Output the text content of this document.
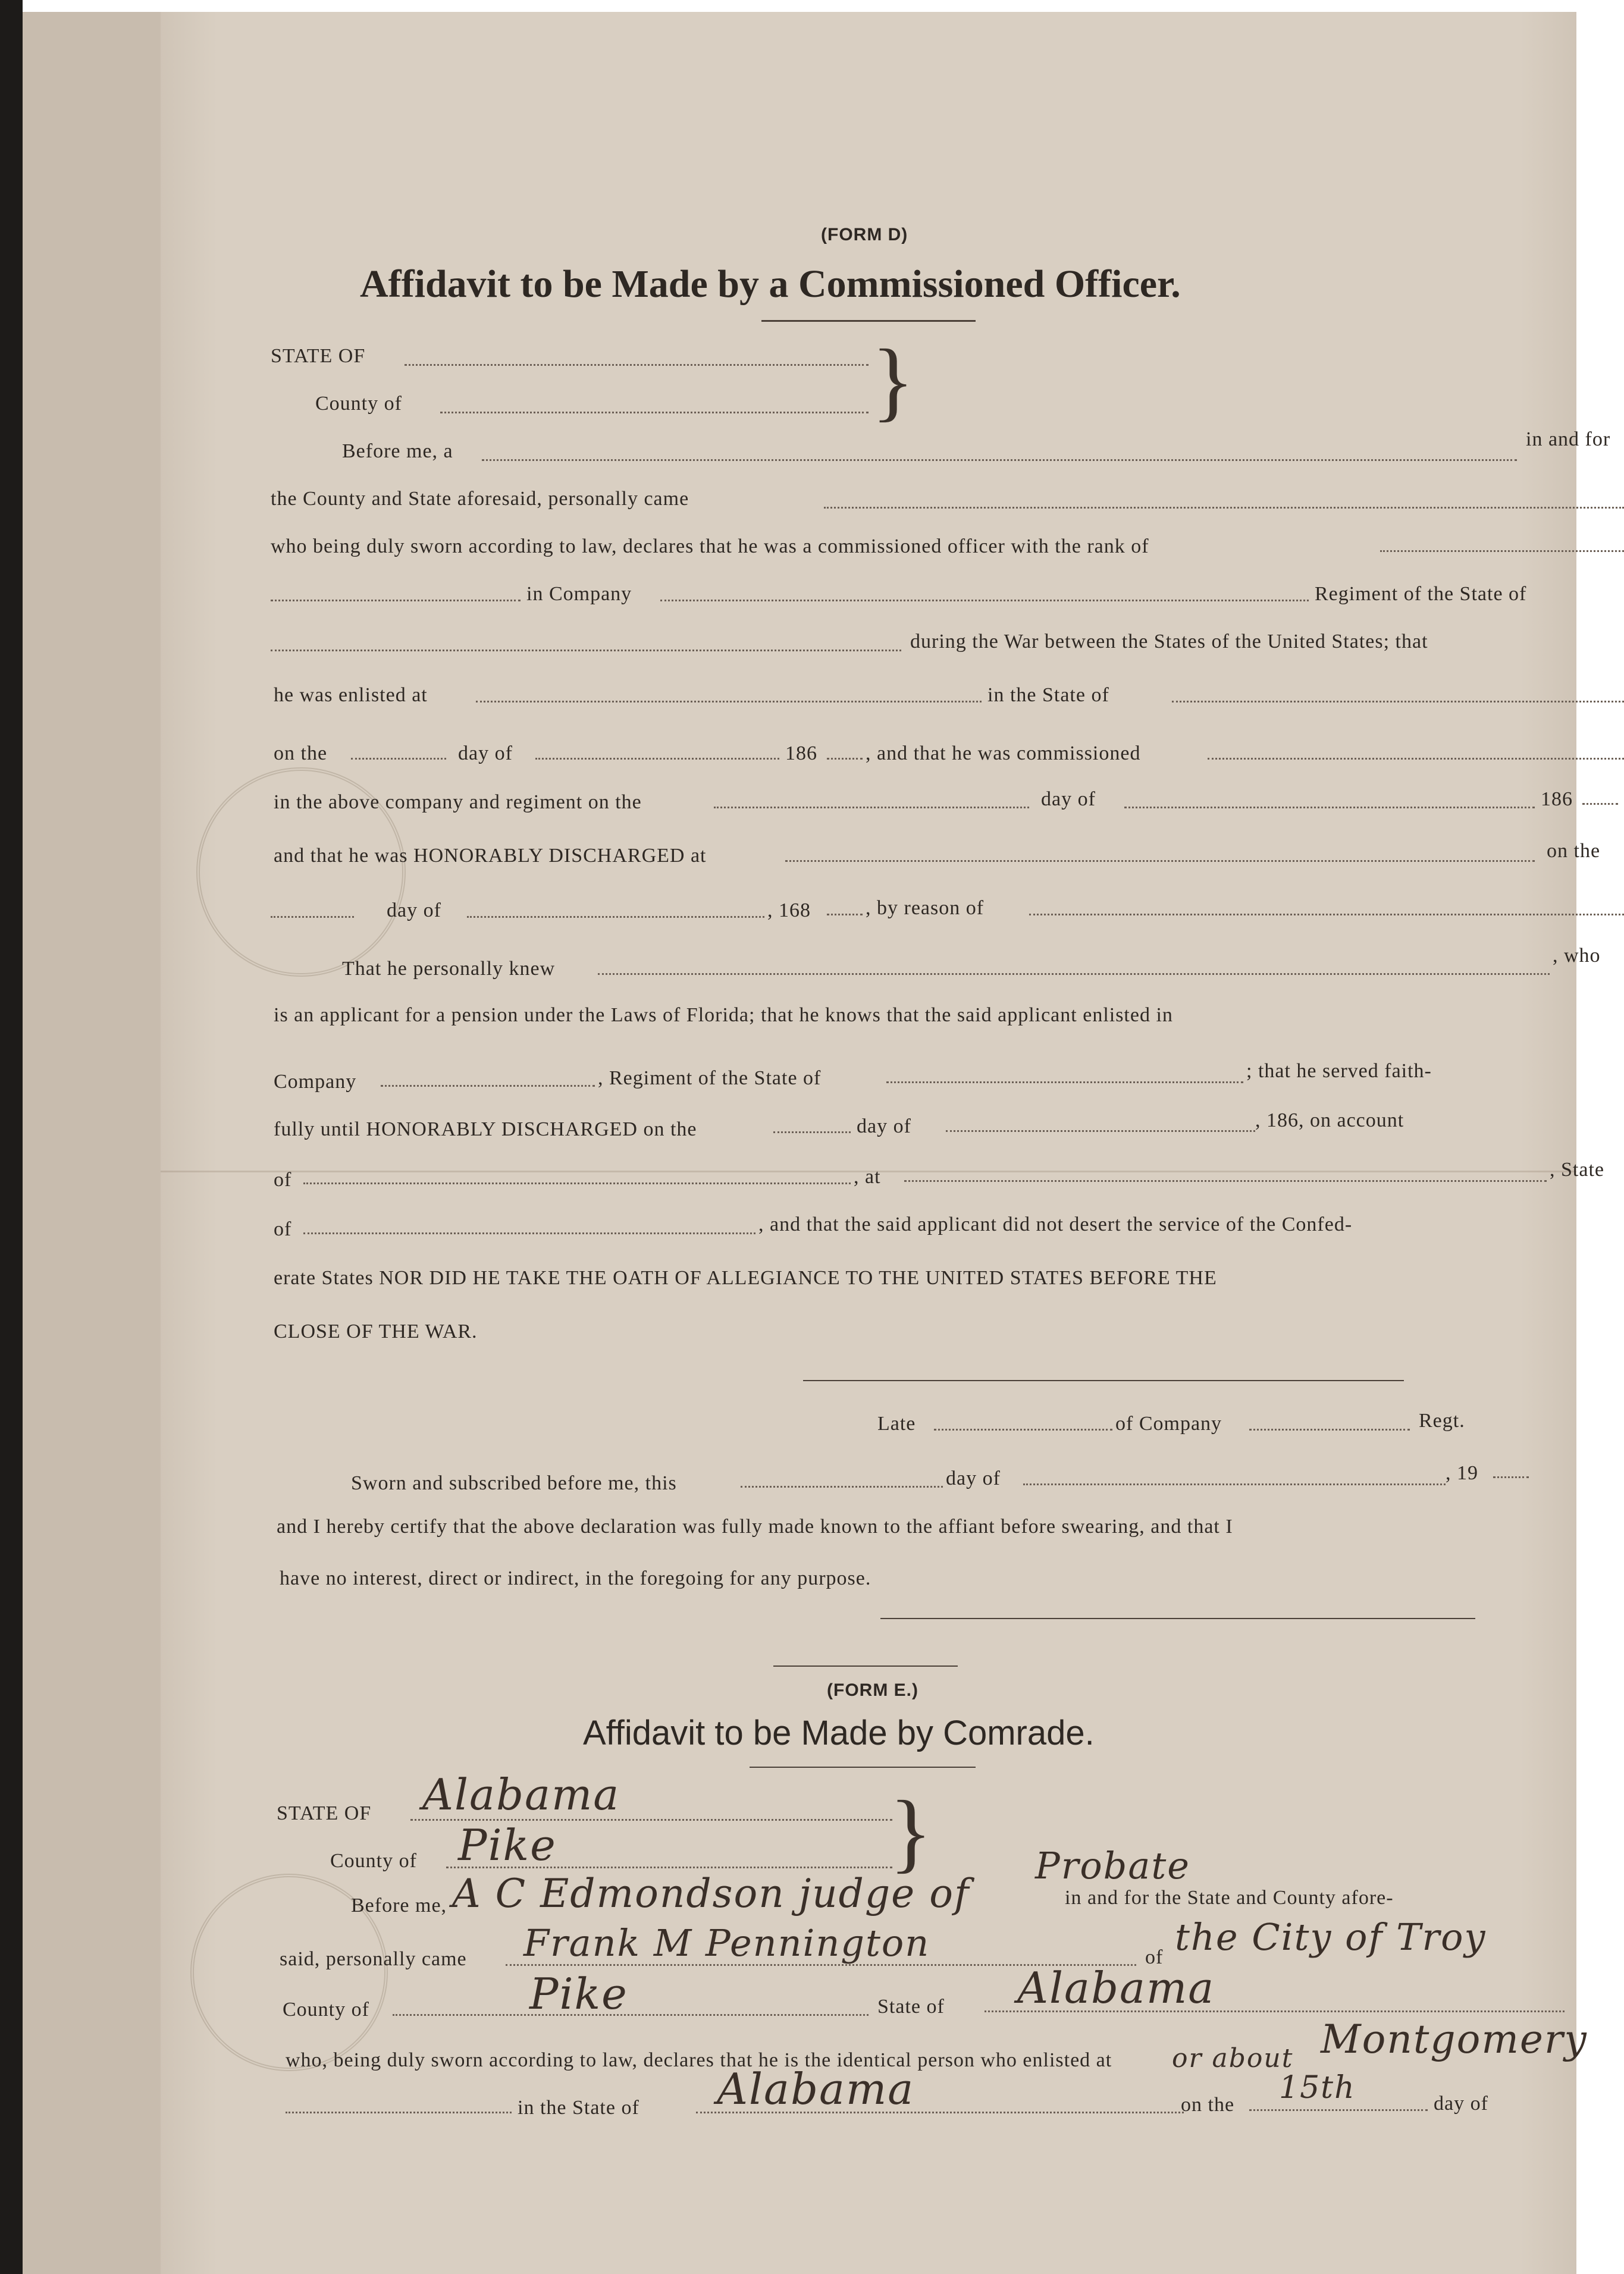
(FORM D)
Affidavit to be Made by a Commissioned Officer.
STATE OF
County of	}
Before me, a
in and for
the County and State aforesaid, personally came
who being duly sworn according to law, declares that he was a commissioned officer with the rank of
in Company	Regiment of the State of
during the War between the States of the United States; that
he was enlisted at	in the State of
on the	day of	186 , and that he was commissioned
in the above company and regiment on the	day of	186
and that he was HONORABLY DISCHARGED at	on the
day of	, 168	, by reason of
That he personally knew
, who
is an applicant for a pension under the Laws of Florida; that he knows that the said applicant enlisted in
Company	, Regiment of the State of	; that he served faith-
fully until HONORABLY DISCHARGED on the	day of	, 186, on account
of	, at	, State
of	, and that the said applicant did not desert the service of the Confed-
erate States NOR DID HE TAKE THE OATH OF ALLEGIANCE TO THE UNITED STATES BEFORE THE
CLOSE OF THE WAR.
Late	of Company	Regt.
Sworn and subscribed before me, this	day of	, 19
and I hereby certify that the above declaration was fully made known to the affiant before swearing, and that I
have no interest, direct or indirect, in the foregoing for any purpose.
(FORM E.)
Affidavit to be Made by Comrade.
STATE OF Alabama
County of Pike	}	Probate
Before me, A C Edmondson judge of	in and for the State and County afore-
said, personally came Frank M Pennington	of the City of Troy
County of	Pike	State of Alabama
who, being duly sworn according to law, declares that he is the identical person who enlisted at	Montgomery
in the State of Alabama
or about
on the 15th	day of
